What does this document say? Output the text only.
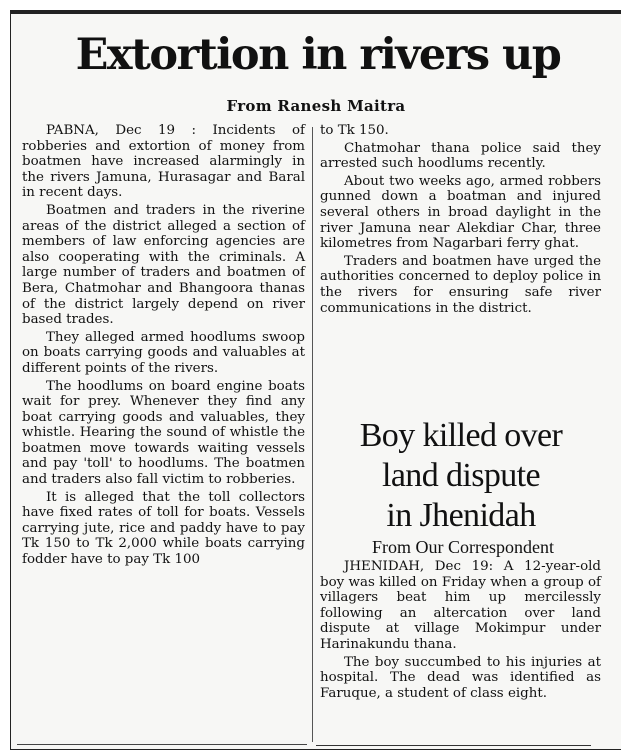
Extortion in rivers up
From Ranesh Maitra

PABNA, Dec 19 : Incidents of robberies and extortion of money from boatmen have increased alarmingly in the rivers Jamuna, Hurasagar and Baral in recent days.

Boatmen and traders in the riverine areas of the district alleged a section of members of law enforcing agencies are also cooperating with the criminals. A large number of traders and boatmen of Bera, Chatmohar and Bhangoora thanas of the district largely depend on river based trades.

They alleged armed hoodlums swoop on boats carrying goods and valuables at different points of the rivers.

The hoodlums on board engine boats wait for prey. Whenever they find any boat carrying goods and valuables, they whistle. Hearing the sound of whistle the boatmen move towards waiting vessels and pay 'toll' to hoodlums. The boatmen and traders also fall victim to robberies.

It is alleged that the toll collectors have fixed rates of toll for boats. Vessels carrying jute, rice and paddy have to pay Tk 150 to Tk 2,000 while boats carrying fodder have to pay Tk 100

to Tk 150.

Chatmohar thana police said they arrested such hoodlums recently.

About two weeks ago, armed robbers gunned down a boatman and injured several others in broad daylight in the river Jamuna near Alekdiar Char, three kilometres from Nagarbari ferry ghat.

Traders and boatmen have urged the authorities concerned to deploy police in the rivers for ensuring safe river communications in the district.

Boy killed over
land dispute
in Jhenidah
From Our Correspondent

JHENIDAH, Dec 19: A 12-year-old boy was killed on Friday when a group of villagers beat him up mercilessly following an altercation over land dispute at village Mokimpur under Harinakundu thana.

The boy succumbed to his injuries at hospital. The dead was identified as Faruque, a student of class eight.
